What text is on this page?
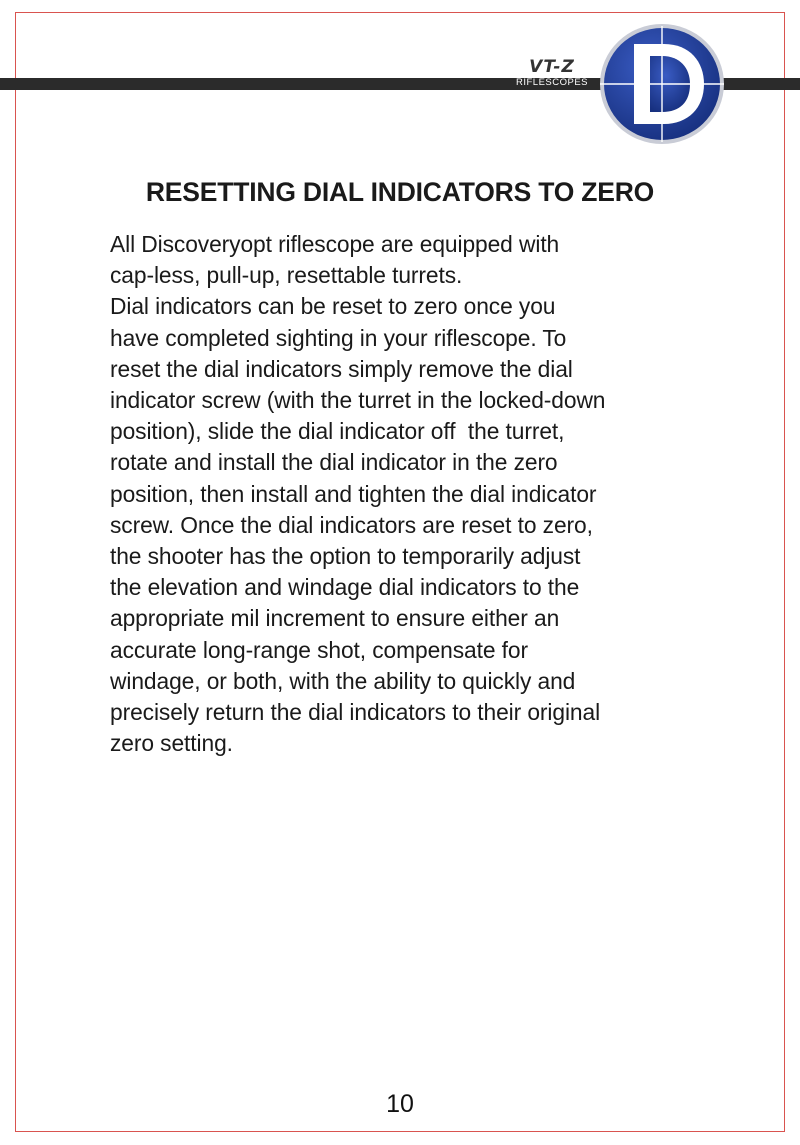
VT-Z
RIFLESCOPES
RESETTING DIAL INDICATORS TO ZERO
All Discoveryopt riflescope are equipped with
cap-less, pull-up, resettable turrets.
Dial indicators can be reset to zero once you
have completed sighting in your riflescope. To
reset the dial indicators simply remove the dial
indicator screw (with the turret in the locked-down
position), slide the dial indicator off  the turret,
rotate and install the dial indicator in the zero
position, then install and tighten the dial indicator
screw. Once the dial indicators are reset to zero,
the shooter has the option to temporarily adjust
the elevation and windage dial indicators to the
appropriate mil increment to ensure either an
accurate long-range shot, compensate for
windage, or both, with the ability to quickly and
precisely return the dial indicators to their original
zero setting.
10
